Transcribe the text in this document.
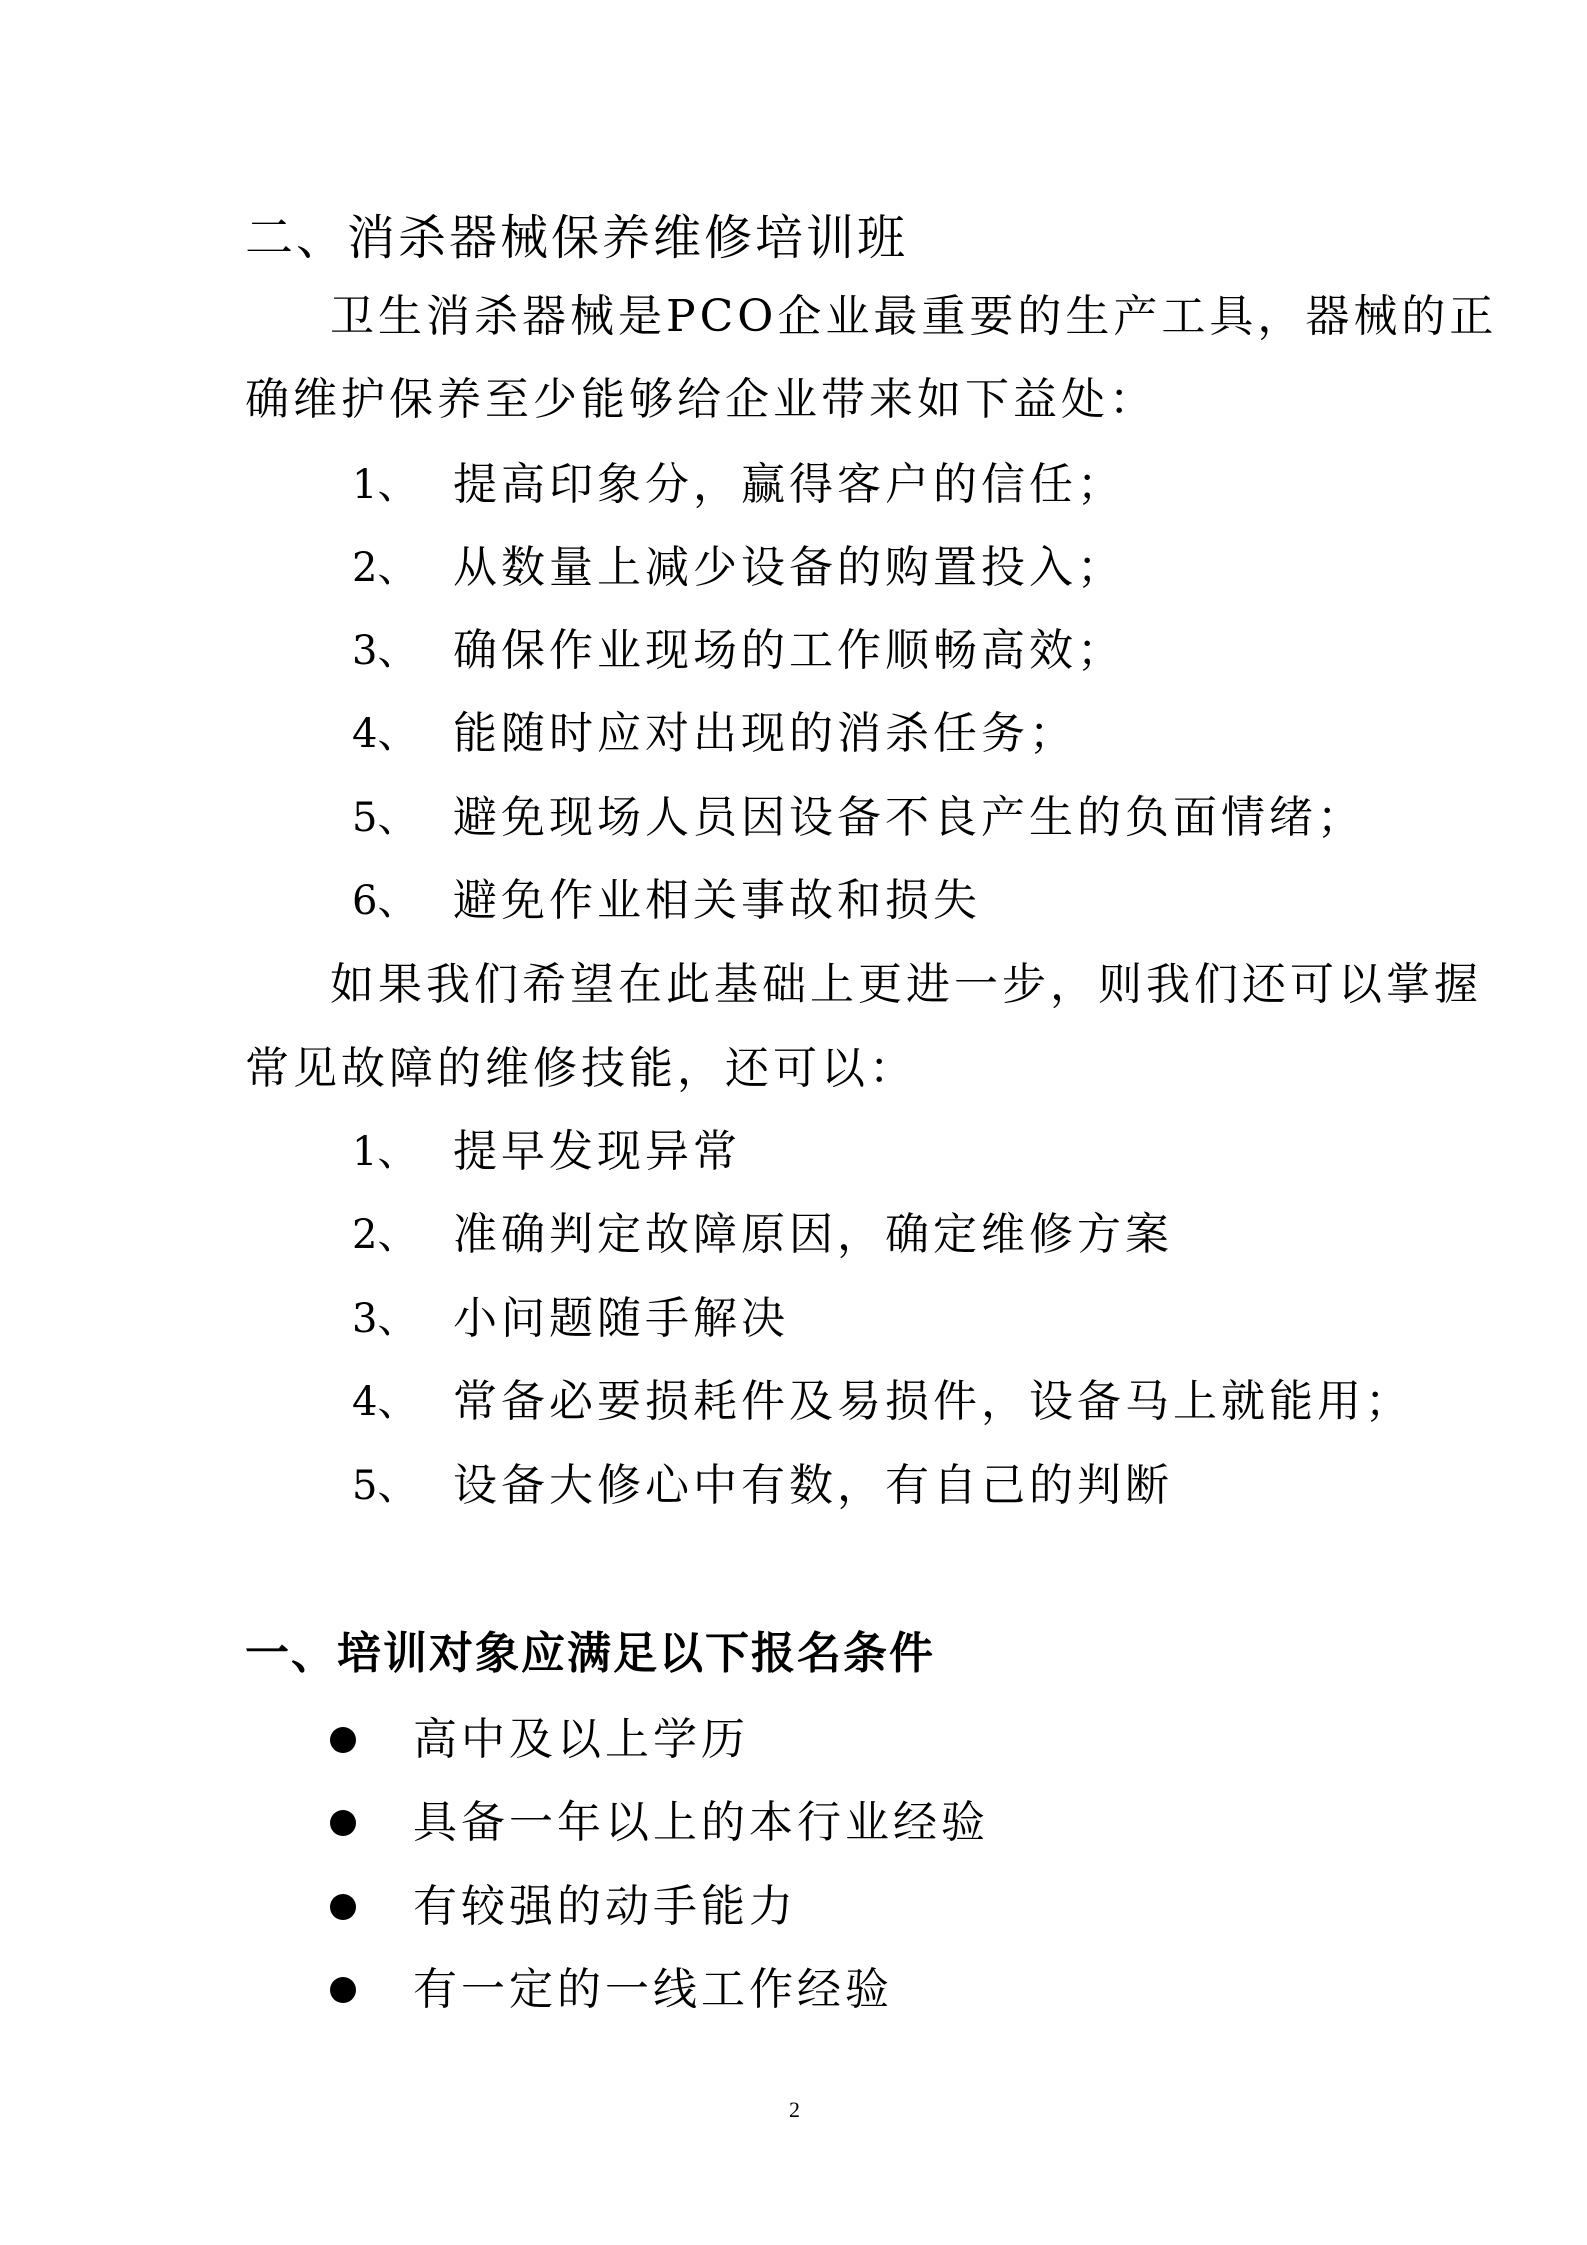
二、消杀器械保养维修培训班
卫生消杀器械是PCO企业最重要的生产工具，器械的正
确维护保养至少能够给企业带来如下益处：
1、 提高印象分，赢得客户的信任；
2、 从数量上减少设备的购置投入；
3、 确保作业现场的工作顺畅高效；
4、 能随时应对出现的消杀任务；
5、 避免现场人员因设备不良产生的负面情绪；
6、 避免作业相关事故和损失
如果我们希望在此基础上更进一步，则我们还可以掌握
常见故障的维修技能，还可以：
1、 提早发现异常
2、 准确判定故障原因，确定维修方案
3、 小问题随手解决
4、 常备必要损耗件及易损件，设备马上就能用；
5、 设备大修心中有数，有自己的判断
一、培训对象应满足以下报名条件
高中及以上学历
具备一年以上的本行业经验
有较强的动手能力
有一定的一线工作经验
2
